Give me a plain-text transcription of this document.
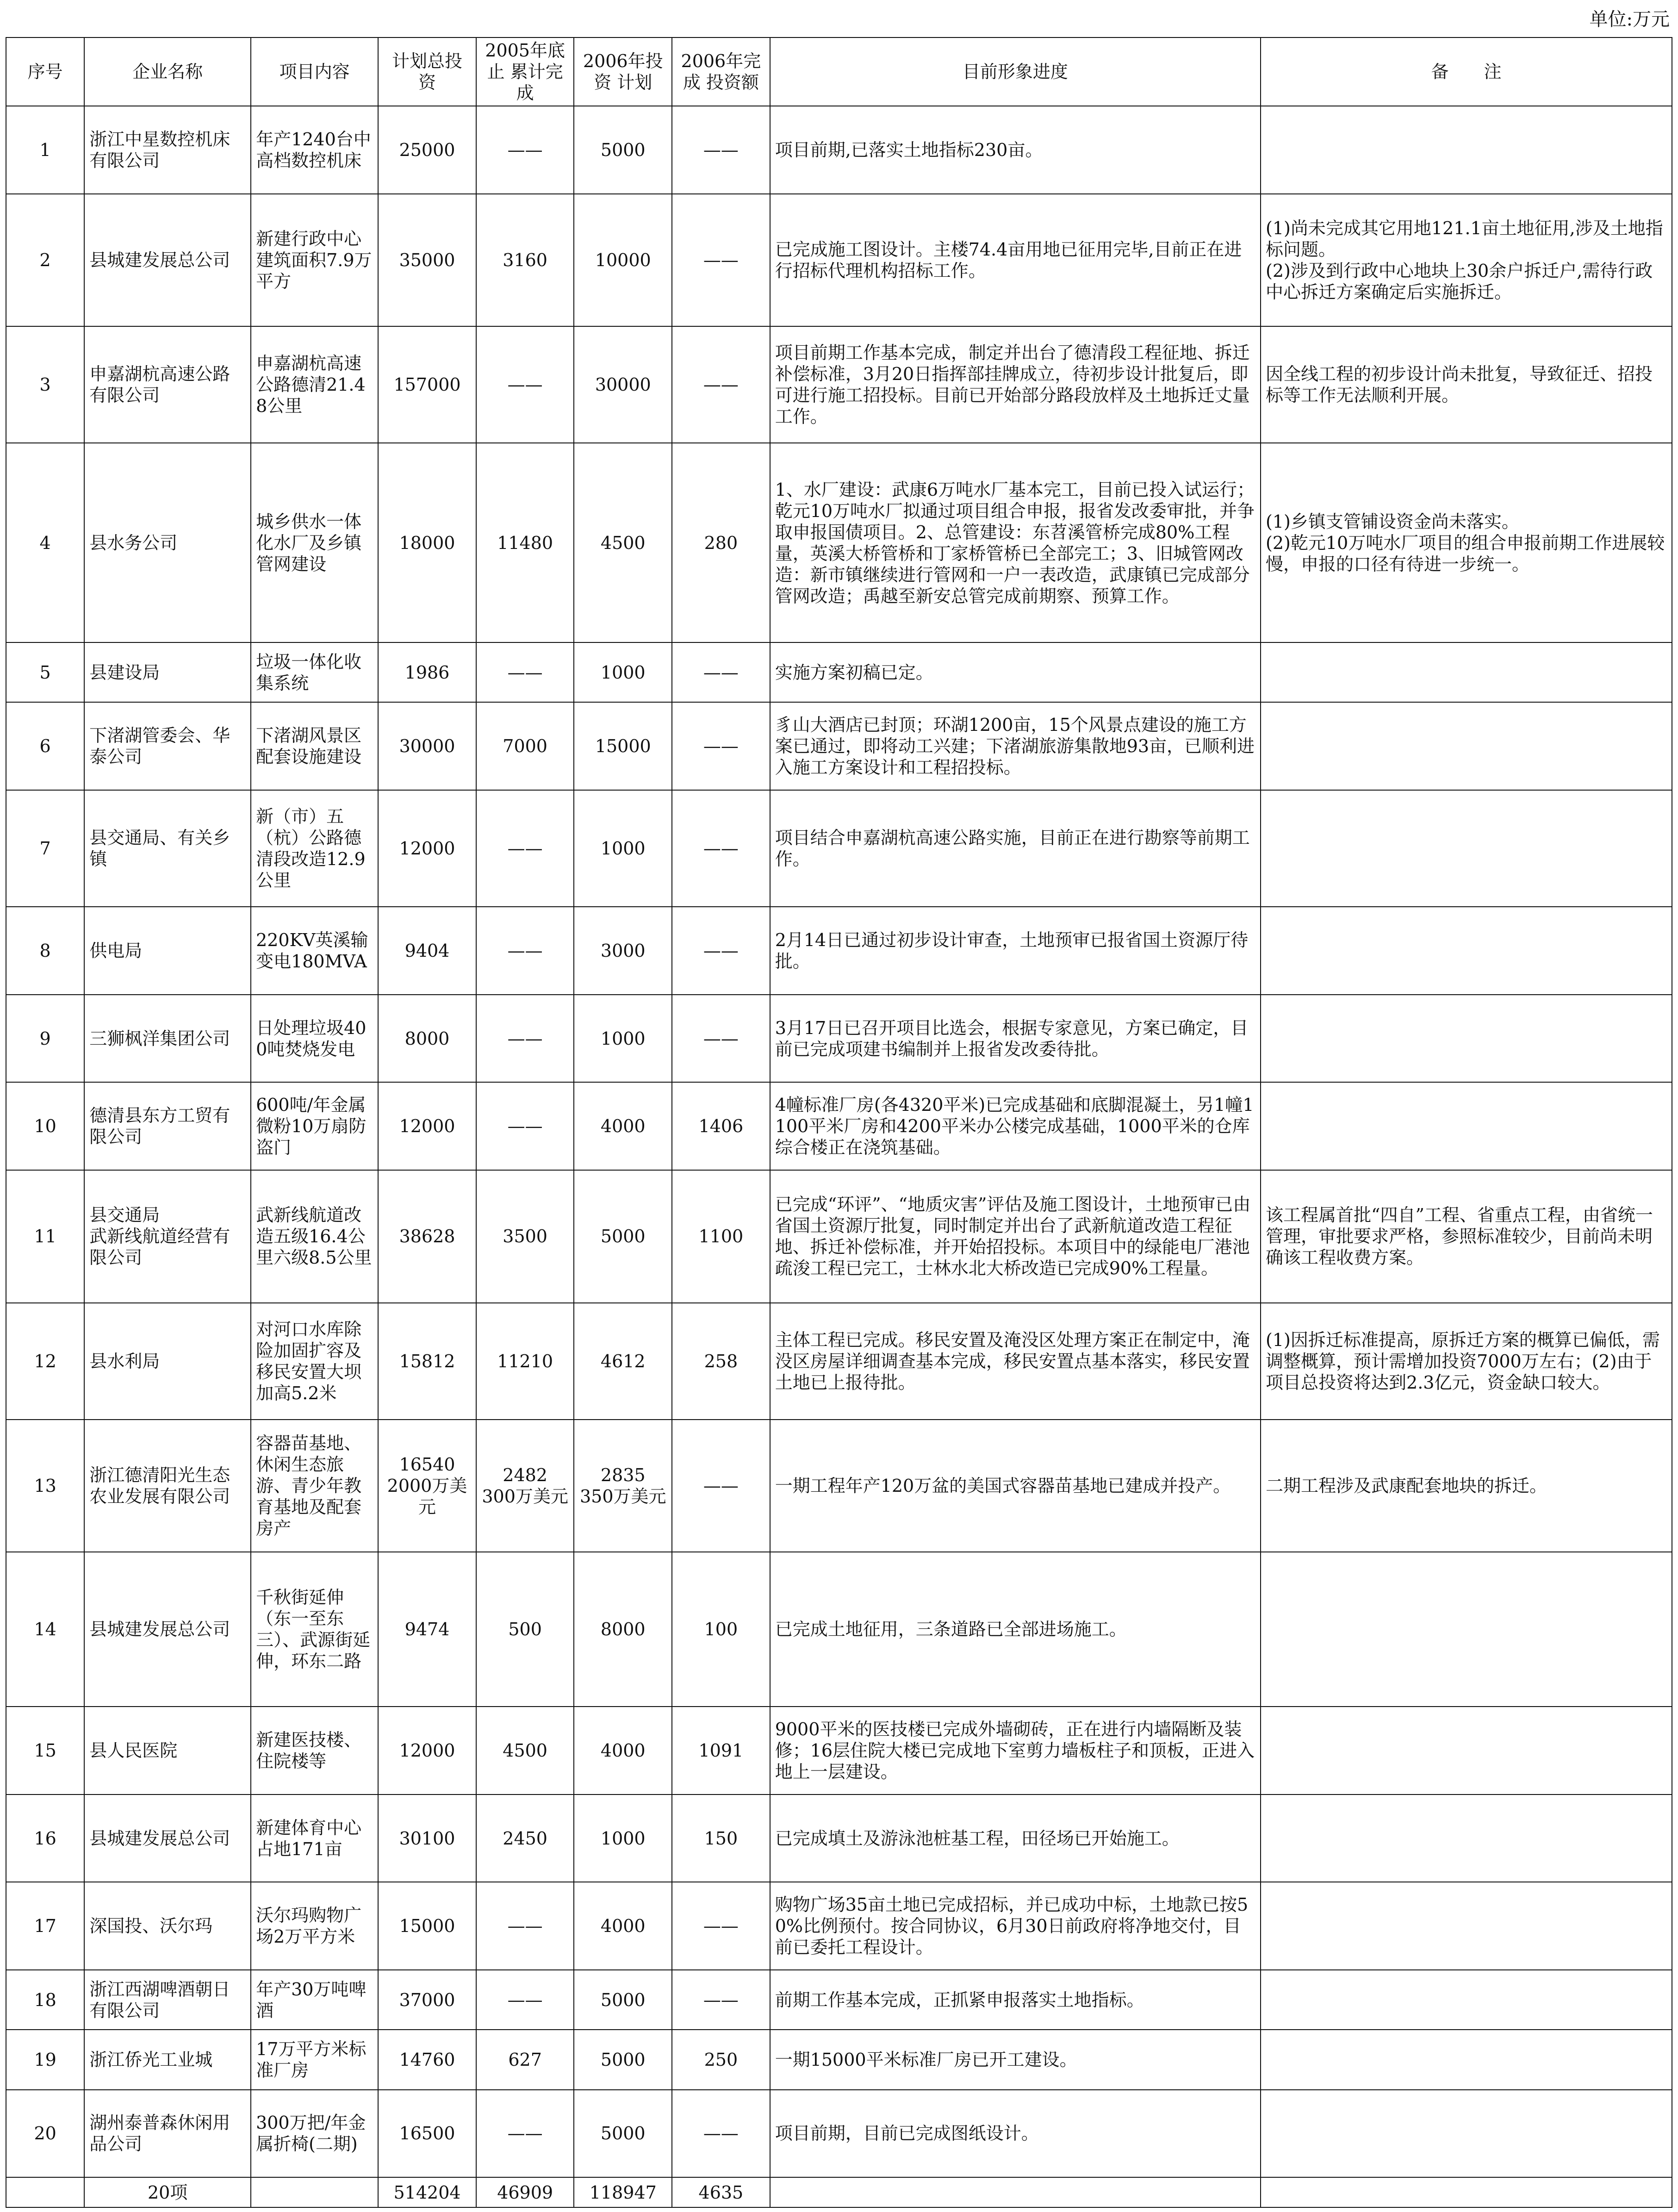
单位:万元
序号	企业名称	项目内容	计划总投资	2005年底止 累计完成	2006年投资 计划	2006年完成 投资额	目前形象进度	备　　注
1	浙江中星数控机床有限公司	年产1240台中高档数控机床	25000	——	5000	——	项目前期,已落实土地指标230亩。	
2	县城建发展总公司	新建行政中心建筑面积7.9万平方	35000	3160	10000	——	已完成施工图设计。主楼74.4亩用地已征用完毕,目前正在进行招标代理机构招标工作。	(1)尚未完成其它用地121.1亩土地征用,涉及土地指标问题。
(2)涉及到行政中心地块上30余户拆迁户,需待行政中心拆迁方案确定后实施拆迁。
3	申嘉湖杭高速公路有限公司	申嘉湖杭高速公路德清21.48公里	157000	——	30000	——	项目前期工作基本完成，制定并出台了德清段工程征地、拆迁补偿标准，3月20日指挥部挂牌成立，待初步设计批复后，即可进行施工招投标。目前已开始部分路段放样及土地拆迁丈量工作。	因全线工程的初步设计尚未批复，导致征迁、招投标等工作无法顺利开展。
4	县水务公司	城乡供水一体化水厂及乡镇管网建设	18000	11480	4500	280	1、水厂建设：武康6万吨水厂基本完工，目前已投入试运行；乾元10万吨水厂拟通过项目组合申报，报省发改委审批，并争取申报国债项目。2、总管建设：东苕溪管桥完成80%工程量，英溪大桥管桥和丁家桥管桥已全部完工；3、旧城管网改造：新市镇继续进行管网和一户一表改造，武康镇已完成部分管网改造；禹越至新安总管完成前期察、预算工作。	(1)乡镇支管铺设资金尚未落实。
(2)乾元10万吨水厂项目的组合申报前期工作进展较慢，申报的口径有待进一步统一。
5	县建设局	垃圾一体化收集系统	1986	——	1000	——	实施方案初稿已定。	
6	下渚湖管委会、华泰公司	下渚湖风景区配套设施建设	30000	7000	15000	——	豸山大酒店已封顶；环湖1200亩，15个风景点建设的施工方案已通过，即将动工兴建；下渚湖旅游集散地93亩，已顺利进入施工方案设计和工程招投标。	
7	县交通局、有关乡镇	新（市）五（杭）公路德清段改造12.9公里	12000	——	1000	——	项目结合申嘉湖杭高速公路实施，目前正在进行勘察等前期工作。	
8	供电局	220KV英溪输变电180MVA	9404	——	3000	——	2月14日已通过初步设计审查，土地预审已报省国土资源厅待批。	
9	三狮枫洋集团公司	日处理垃圾400吨焚烧发电	8000	——	1000	——	3月17日已召开项目比选会，根据专家意见，方案已确定，目前已完成项建书编制并上报省发改委待批。	
10	德清县东方工贸有限公司	600吨/年金属微粉10万扇防盗门	12000	——	4000	1406	4幢标准厂房(各4320平米)已完成基础和底脚混凝土，另1幢1100平米厂房和4200平米办公楼完成基础，1000平米的仓库综合楼正在浇筑基础。	
11	县交通局
武新线航道经营有限公司	武新线航道改造五级16.4公里六级8.5公里	38628	3500	5000	1100	已完成“环评”、“地质灾害”评估及施工图设计，土地预审已由省国土资源厅批复，同时制定并出台了武新航道改造工程征地、拆迁补偿标准，并开始招投标。本项目中的绿能电厂港池疏浚工程已完工，士林水北大桥改造已完成90%工程量。	该工程属首批“四自”工程、省重点工程，由省统一管理，审批要求严格，参照标准较少，目前尚未明确该工程收费方案。
12	县水利局	对河口水库除险加固扩容及移民安置大坝加高5.2米	15812	11210	4612	258	主体工程已完成。移民安置及淹没区处理方案正在制定中，淹没区房屋详细调查基本完成，移民安置点基本落实，移民安置土地已上报待批。	(1)因拆迁标准提高，原拆迁方案的概算已偏低，需调整概算，预计需增加投资7000万左右；(2)由于项目总投资将达到2.3亿元，资金缺口较大。
13	浙江德清阳光生态农业发展有限公司	容器苗基地、休闲生态旅游、青少年教育基地及配套房产	16540
2000万美元	2482
300万美元	2835
350万美元	——	一期工程年产120万盆的美国式容器苗基地已建成并投产。	二期工程涉及武康配套地块的拆迁。
14	县城建发展总公司	千秋街延伸（东一至东三）、武源街延伸，环东二路	9474	500	8000	100	已完成土地征用，三条道路已全部进场施工。	
15	县人民医院	新建医技楼、住院楼等	12000	4500	4000	1091	9000平米的医技楼已完成外墙砌砖，正在进行内墙隔断及装修；16层住院大楼已完成地下室剪力墙板柱子和顶板，正进入地上一层建设。	
16	县城建发展总公司	新建体育中心占地171亩	30100	2450	1000	150	已完成填土及游泳池桩基工程，田径场已开始施工。	
17	深国投、沃尔玛	沃尔玛购物广场2万平方米	15000	——	4000	——	购物广场35亩土地已完成招标，并已成功中标，土地款已按50%比例预付。按合同协议，6月30日前政府将净地交付，目前已委托工程设计。	
18	浙江西湖啤酒朝日有限公司	年产30万吨啤酒	37000	——	5000	——	前期工作基本完成，正抓紧申报落实土地指标。	
19	浙江侨光工业城	17万平方米标准厂房	14760	627	5000	250	一期15000平米标准厂房已开工建设。	
20	湖州泰普森休闲用品公司	300万把/年金属折椅(二期)	16500	——	5000	——	项目前期，目前已完成图纸设计。	
	20项		514204	46909	118947	4635		
